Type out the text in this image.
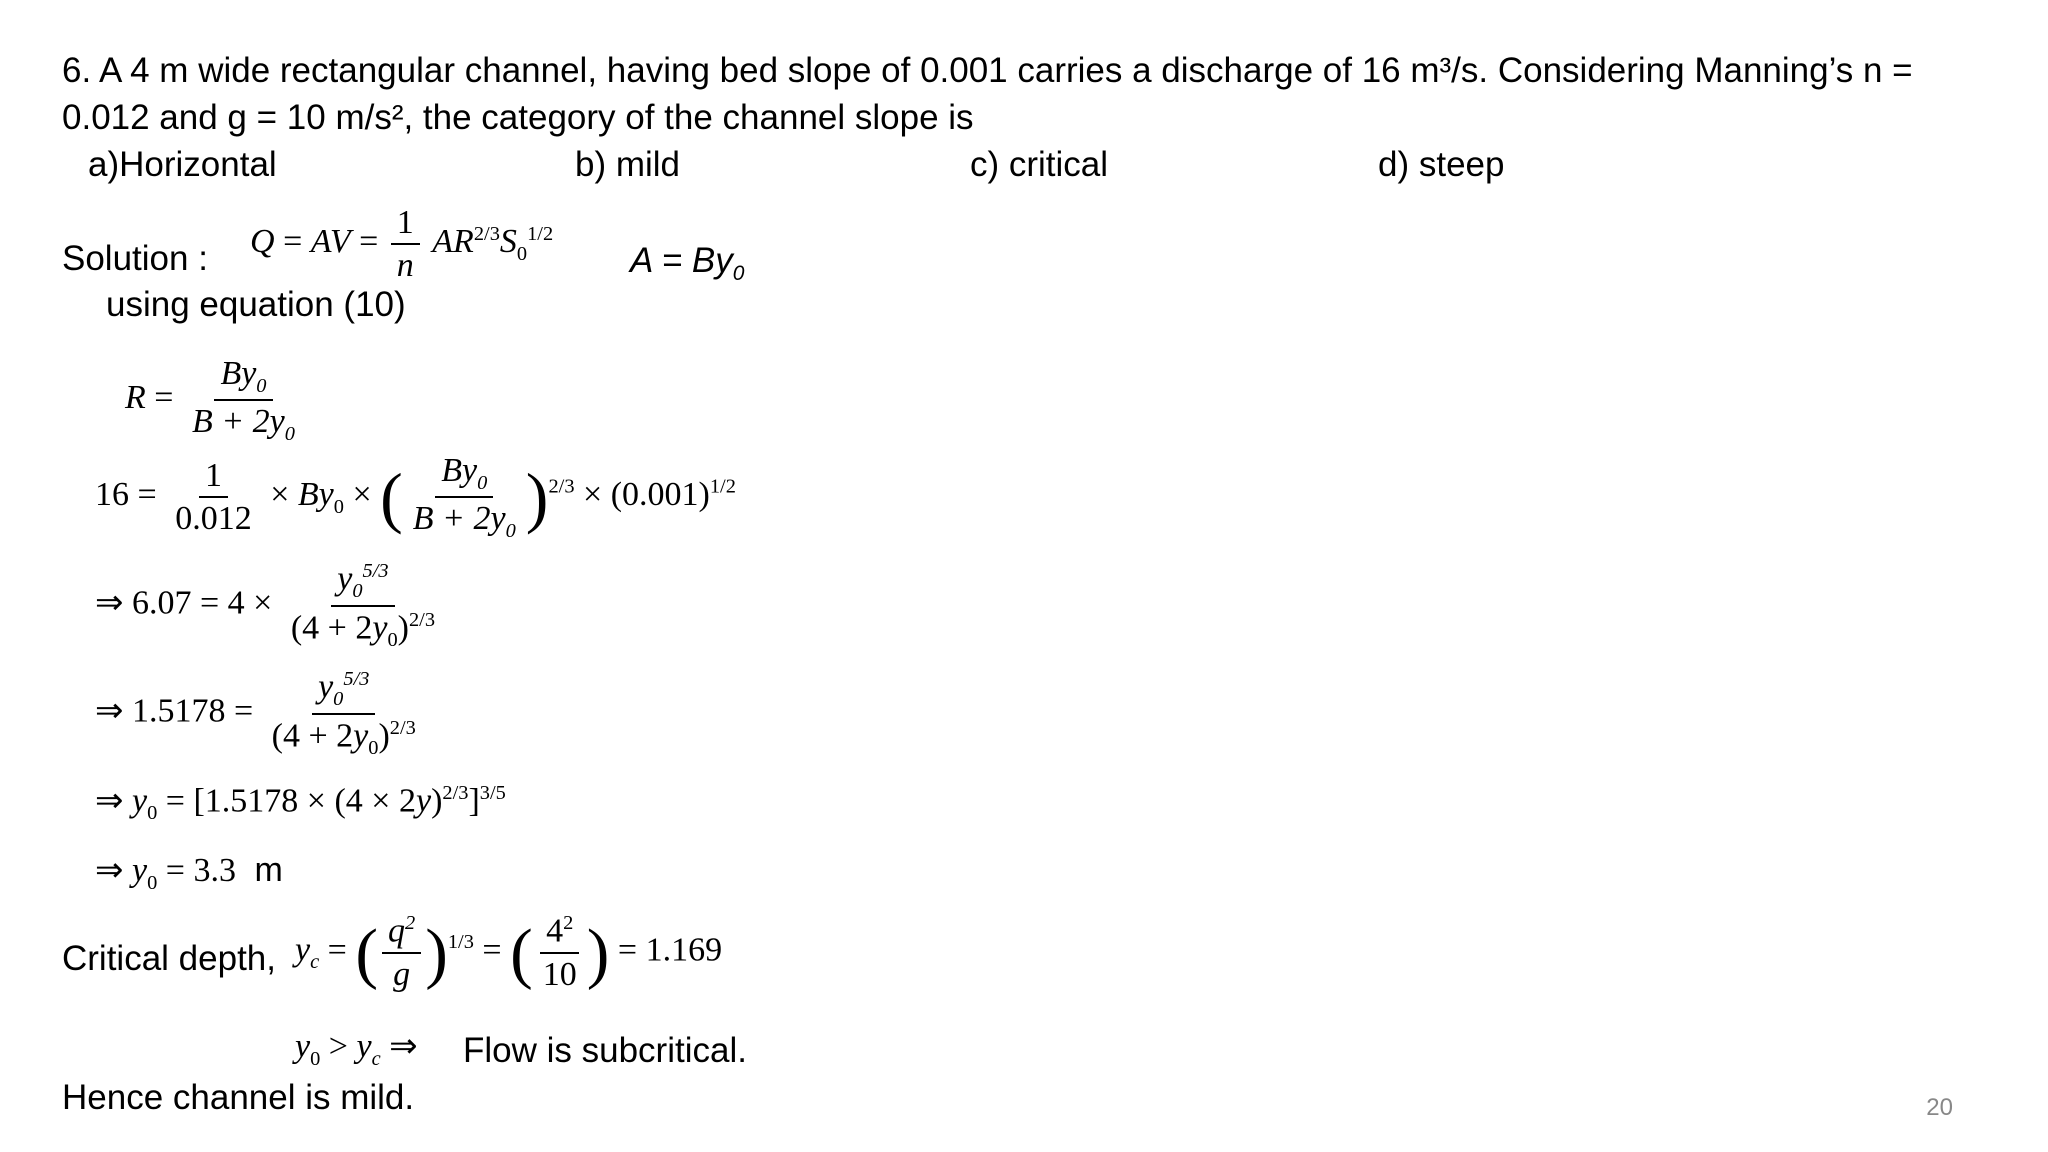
6. A 4 m wide rectangular channel, having bed slope of 0.001 carries a discharge of 16 m³/s. Considering Manning’s n =
0.012 and g = 10 m/s², the category of the channel slope is
a)Horizontal	b) mild	c) critical	d) steep
Solution : Q = AV = $\frac{1}{n} AR^{2/3}S_0^{1/2}$
$A = By_0$
using equation (10)
$R = \frac{By_0}{B + 2y_0}$
$16 = \frac{1}{0.012} \times By_0$ × ( $\frac{By_0}{B + 2y_0} )^{2/3} \times (0.001)^{1/2}$
⇒ $6.07 = 4 \times \frac{y_0^{5/3}}{(4 + 2y_0)^{2/3}}$
⇒ $1.5178 = \frac{y_0^{5/3}}{(4 + 2y_0)^{2/3}}$
⇒ $y_0 = [1.5178 \times (4 \times 2y)^{2/3}]^{3/5}$
⇒ $y_0 = 3.3$ m
Critical depth, $y_c$ = ( $\frac{q^2}{g} )^{1/3}$ = ( $\frac{4^2}{10}$ ) = 1.169
$y_0 > y_c$ ⇒ Flow is subcritical.
Hence channel is mild.	20
